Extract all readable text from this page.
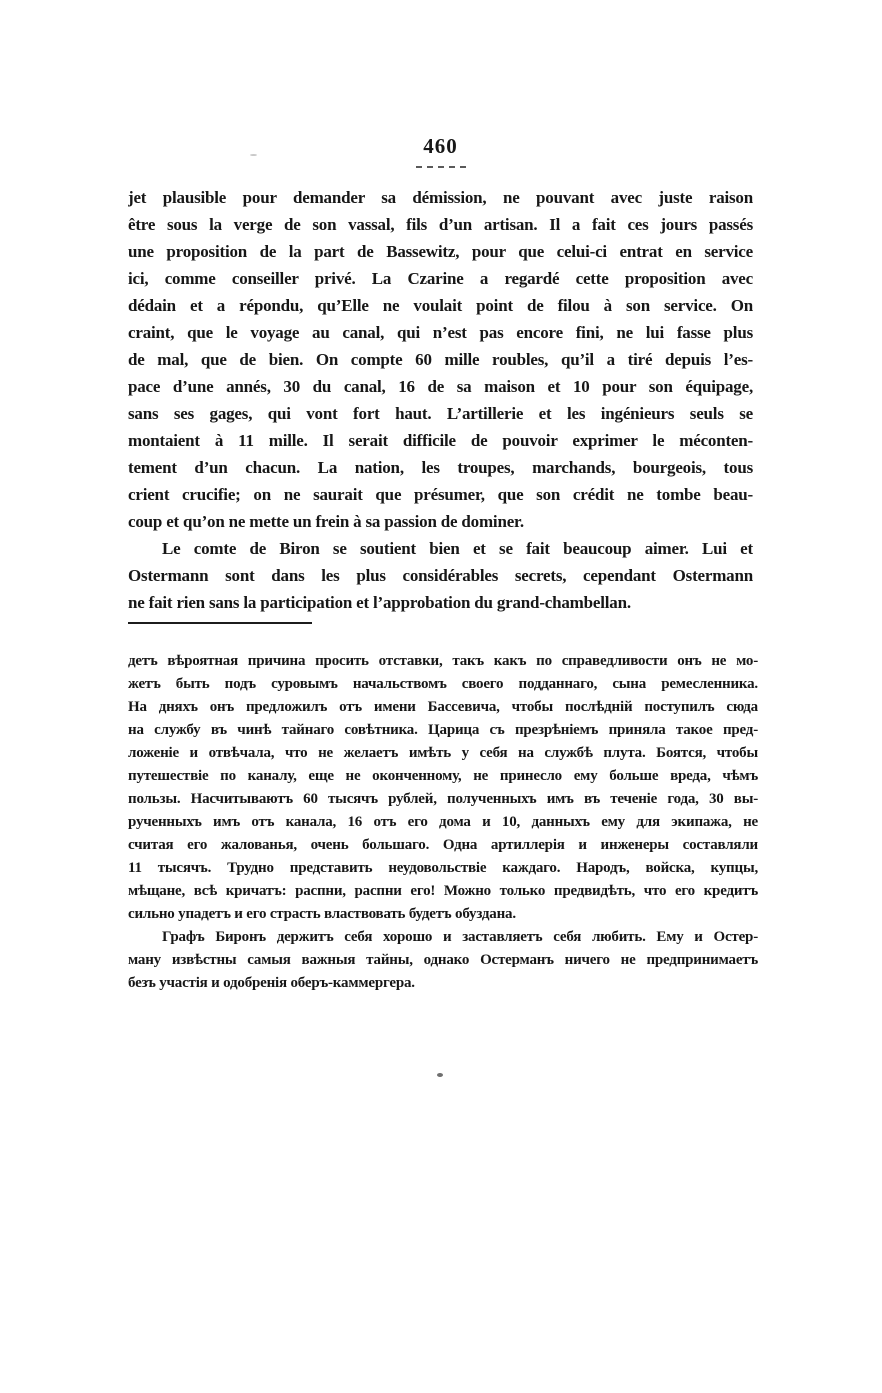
460
jet plausible pour demander sa démission, ne pouvant avec juste raison
être sous la verge de son vassal, fils d’un artisan. Il a fait ces jours passés
une proposition de la part de Bassewitz, pour que celui-ci entrat en service
ici, comme conseiller privé. La Czarine a regardé cette proposition avec
dédain et a répondu, qu’Elle ne voulait point de filou à son service. On
craint, que le voyage au canal, qui n’est pas encore fini, ne lui fasse plus
de mal, que de bien. On compte 60 mille roubles, qu’il a tiré depuis l’es-
pace d’une annés, 30 du canal, 16 de sa maison et 10 pour son équipage,
sans ses gages, qui vont fort haut. L’artillerie et les ingénieurs seuls se
montaient à 11 mille. Il serait difficile de pouvoir exprimer le méconten-
tement d’un chacun. La nation, les troupes, marchands, bourgeois, tous
crient crucifie; on ne saurait que présumer, que son crédit ne tombe beau-
coup et qu’on ne mette un frein à sa passion de dominer.
Le comte de Biron se soutient bien et se fait beaucoup aimer. Lui et
Ostermann sont dans les plus considérables secrets, cependant Ostermann
ne fait rien sans la participation et l’approbation du grand-chambellan.
детъ вѣроятная причина просить отставки, такъ какъ по справедливости онъ не мо-
жетъ быть подъ суровымъ начальствомъ своего подданнаго, сына ремесленника.
На дняхъ онъ предложилъ отъ имени Бассевича, чтобы послѣдній поступилъ сюда
на службу въ чинѣ тайнаго совѣтника. Царица съ презрѣніемъ приняла такое пред-
ложеніе и отвѣчала, что не желаетъ имѣть у себя на службѣ плута. Боятся, чтобы
путешествіе по каналу, еще не оконченному, не принесло ему больше вреда, чѣмъ
пользы. Насчитываютъ 60 тысячъ рублей, полученныхъ имъ въ теченіе года, 30 вы-
рученныхъ имъ отъ канала, 16 отъ его дома и 10, данныхъ ему для экипажа, не
считая его жалованья, очень большаго. Одна артиллерія и инженеры составляли
11 тысячъ. Трудно представить неудовольствіе каждаго. Народъ, войска, купцы,
мѣщане, всѣ кричатъ: распни, распни его! Можно только предвидѣть, что его кредитъ
сильно упадетъ и его страсть властвовать будетъ обуздана.
Графъ Биронъ держитъ себя хорошо и заставляетъ себя любить. Ему и Остер-
ману извѣстны самыя важныя тайны, однако Остерманъ ничего не предпринимаетъ
безъ участія и одобренія оберъ-каммергера.
